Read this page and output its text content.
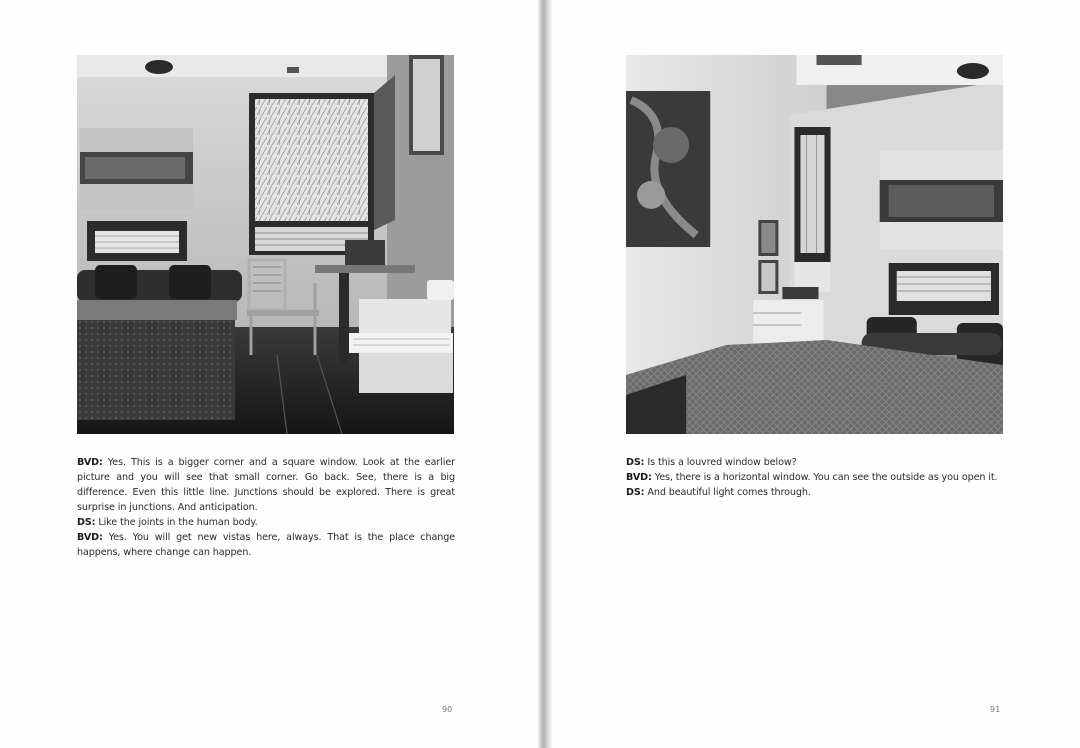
BVD: Yes. This is a bigger corner and a square window. Look at the earlier picture and you will see that small corner. Go back. See, there is a big difference. Even this little line. Junctions should be explored. There is great surprise in junctions. And anticipation.

DS: Like the joints in the human body.

BVD: Yes. You will get new vistas here, always. That is the place change happens, where change can happen.

90

DS: Is this a louvred window below?

BVD: Yes, there is a horizontal window. You can see the outside as you open it.

DS: And beautiful light comes through.

91
